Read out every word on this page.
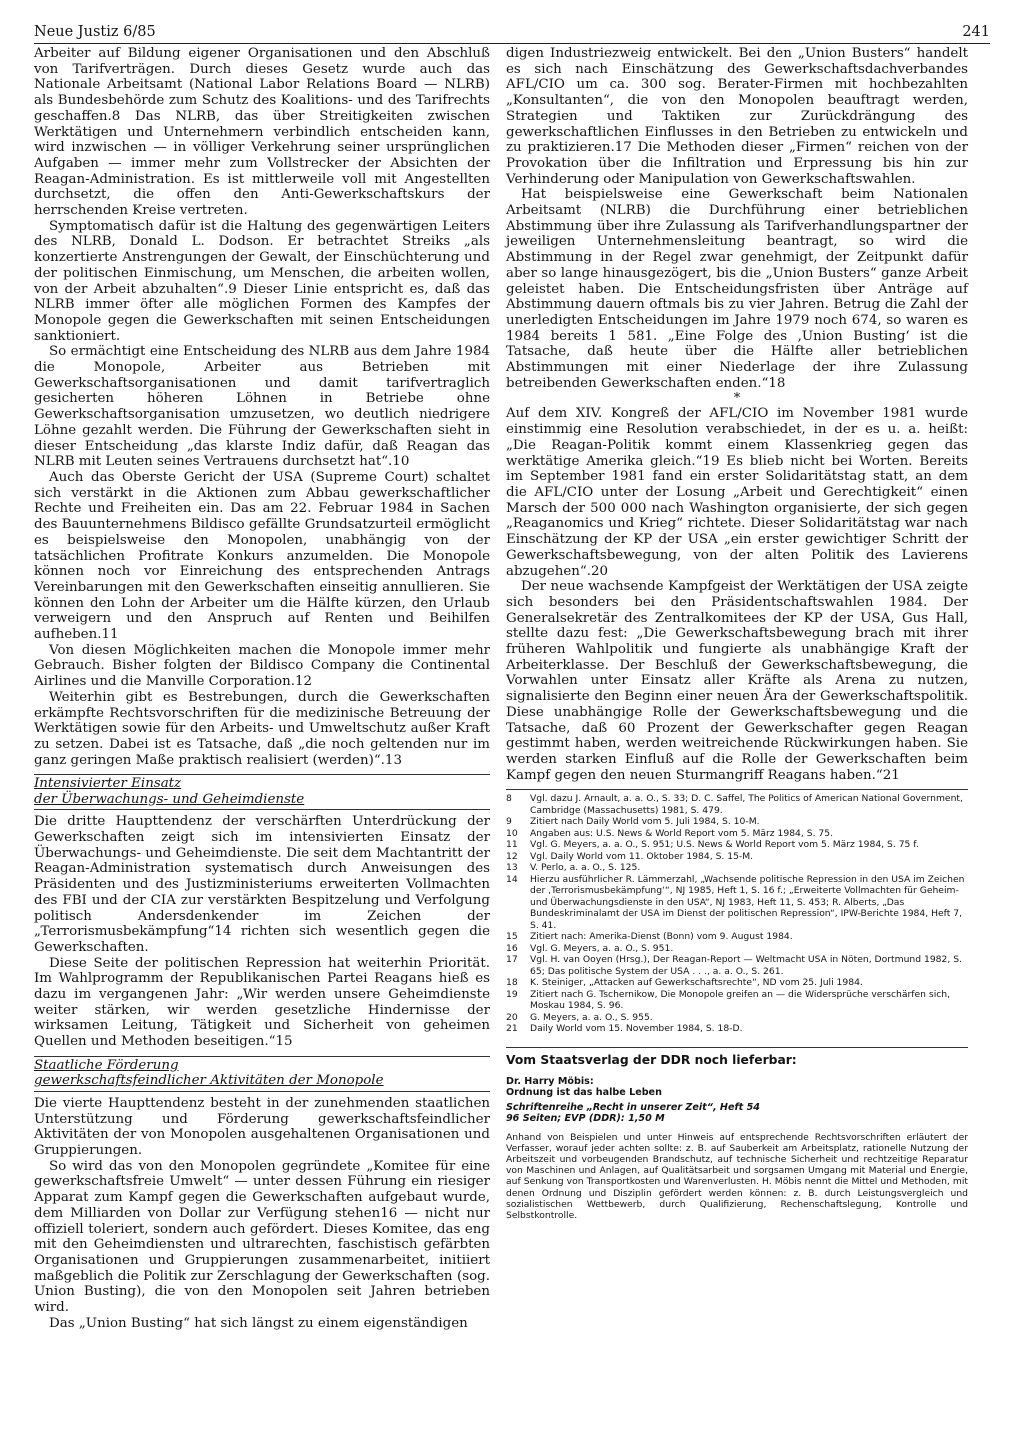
Neue Justiz 6/85	241

Arbeiter auf Bildung eigener Organisationen und den Abschluß von Tarifverträgen. Durch dieses Gesetz wurde auch das Nationale Arbeitsamt (National Labor Relations Board — NLRB) als Bundesbehörde zum Schutz des Koalitions- und des Tarifrechts geschaffen.8 Das NLRB, das über Streitigkeiten zwischen Werktätigen und Unternehmern verbindlich entscheiden kann, wird inzwischen — in völliger Verkehrung seiner ursprünglichen Aufgaben — immer mehr zum Vollstrecker der Absichten der Reagan-Administration. Es ist mittlerweile voll mit Angestellten durchsetzt, die offen den Anti-Gewerkschaftskurs der herrschenden Kreise vertreten.

Symptomatisch dafür ist die Haltung des gegenwärtigen Leiters des NLRB, Donald L. Dodson. Er betrachtet Streiks „als konzertierte Anstrengungen der Gewalt, der Einschüchterung und der politischen Einmischung, um Menschen, die arbeiten wollen, von der Arbeit abzuhalten“.9 Dieser Linie entspricht es, daß das NLRB immer öfter alle möglichen Formen des Kampfes der Monopole gegen die Gewerkschaften mit seinen Entscheidungen sanktioniert.

So ermächtigt eine Entscheidung des NLRB aus dem Jahre 1984 die Monopole, Arbeiter aus Betrieben mit Gewerkschaftsorganisationen und damit tarifvertraglich gesicherten höheren Löhnen in Betriebe ohne Gewerkschaftsorganisation umzusetzen, wo deutlich niedrigere Löhne gezahlt werden. Die Führung der Gewerkschaften sieht in dieser Entscheidung „das klarste Indiz dafür, daß Reagan das NLRB mit Leuten seines Vertrauens durchsetzt hat“.10

Auch das Oberste Gericht der USA (Supreme Court) schaltet sich verstärkt in die Aktionen zum Abbau gewerkschaftlicher Rechte und Freiheiten ein. Das am 22. Februar 1984 in Sachen des Bauunternehmens Bildisco gefällte Grundsatzurteil ermöglicht es beispielsweise den Monopolen, unabhängig von der tatsächlichen Profitrate Konkurs anzumelden. Die Monopole können noch vor Einreichung des entsprechenden Antrags Vereinbarungen mit den Gewerkschaften einseitig annullieren. Sie können den Lohn der Arbeiter um die Hälfte kürzen, den Urlaub verweigern und den Anspruch auf Renten und Beihilfen aufheben.11

Von diesen Möglichkeiten machen die Monopole immer mehr Gebrauch. Bisher folgten der Bildisco Company die Continental Airlines und die Manville Corporation.12

Weiterhin gibt es Bestrebungen, durch die Gewerkschaften erkämpfte Rechtsvorschriften für die medizinische Betreuung der Werktätigen sowie für den Arbeits- und Umweltschutz außer Kraft zu setzen. Dabei ist es Tatsache, daß „die noch geltenden nur im ganz geringen Maße praktisch realisiert (werden)“.13

Intensivierter Einsatz
der Überwachungs- und Geheimdienste

Die dritte Haupttendenz der verschärften Unterdrückung der Gewerkschaften zeigt sich im intensivierten Einsatz der Überwachungs- und Geheimdienste. Die seit dem Machtantritt der Reagan-Administration systematisch durch Anweisungen des Präsidenten und des Justizministeriums erweiterten Vollmachten des FBI und der CIA zur verstärkten Bespitzelung und Verfolgung politisch Andersdenkender im Zeichen der „Terrorismusbekämpfung“14 richten sich wesentlich gegen die Gewerkschaften.

Diese Seite der politischen Repression hat weiterhin Priorität. Im Wahlprogramm der Republikanischen Partei Reagans hieß es dazu im vergangenen Jahr: „Wir werden unsere Geheimdienste weiter stärken, wir werden gesetzliche Hindernisse der wirksamen Leitung, Tätigkeit und Sicherheit von geheimen Quellen und Methoden beseitigen.“15

Staatliche Förderung
gewerkschaftsfeindlicher Aktivitäten der Monopole

Die vierte Haupttendenz besteht in der zunehmenden staatlichen Unterstützung und Förderung gewerkschaftsfeindlicher Aktivitäten der von Monopolen ausgehaltenen Organisationen und Gruppierungen.

So wird das von den Monopolen gegründete „Komitee für eine gewerkschaftsfreie Umwelt“ — unter dessen Führung ein riesiger Apparat zum Kampf gegen die Gewerkschaften aufgebaut wurde, dem Milliarden von Dollar zur Verfügung stehen16 — nicht nur offiziell toleriert, sondern auch gefördert. Dieses Komitee, das eng mit den Geheimdiensten und ultrarechten, faschistisch gefärbten Organisationen und Gruppierungen zusammenarbeitet, initiiert maßgeblich die Politik zur Zerschlagung der Gewerkschaften (sog. Union Busting), die von den Monopolen seit Jahren betrieben wird.

Das „Union Busting“ hat sich längst zu einem eigenständigen

digen Industriezweig entwickelt. Bei den „Union Busters“ handelt es sich nach Einschätzung des Gewerkschaftsdachverbandes AFL/CIO um ca. 300 sog. Berater-Firmen mit hochbezahlten „Konsultanten“, die von den Monopolen beauftragt werden, Strategien und Taktiken zur Zurückdrängung des gewerkschaftlichen Einflusses in den Betrieben zu entwickeln und zu praktizieren.17 Die Methoden dieser „Firmen“ reichen von der Provokation über die Infiltration und Erpressung bis hin zur Verhinderung oder Manipulation von Gewerkschaftswahlen.

Hat beispielsweise eine Gewerkschaft beim Nationalen Arbeitsamt (NLRB) die Durchführung einer betrieblichen Abstimmung über ihre Zulassung als Tarifverhandlungspartner der jeweiligen Unternehmensleitung beantragt, so wird die Abstimmung in der Regel zwar genehmigt, der Zeitpunkt dafür aber so lange hinausgezögert, bis die „Union Busters“ ganze Arbeit geleistet haben. Die Entscheidungsfristen über Anträge auf Abstimmung dauern oftmals bis zu vier Jahren. Betrug die Zahl der unerledigten Entscheidungen im Jahre 1979 noch 674, so waren es 1984 bereits 1 581. „Eine Folge des ,Union Busting‘ ist die Tatsache, daß heute über die Hälfte aller betrieblichen Abstimmungen mit einer Niederlage der ihre Zulassung betreibenden Gewerkschaften enden.“18

*

Auf dem XIV. Kongreß der AFL/CIO im November 1981 wurde einstimmig eine Resolution verabschiedet, in der es u. a. heißt: „Die Reagan-Politik kommt einem Klassenkrieg gegen das werktätige Amerika gleich.“19 Es blieb nicht bei Worten. Bereits im September 1981 fand ein erster Solidaritätstag statt, an dem die AFL/CIO unter der Losung „Arbeit und Gerechtigkeit“ einen Marsch der 500 000 nach Washington organisierte, der sich gegen „Reaganomics und Krieg“ richtete. Dieser Solidaritätstag war nach Einschätzung der KP der USA „ein erster gewichtiger Schritt der Gewerkschaftsbewegung, von der alten Politik des Lavierens abzugehen“.20

Der neue wachsende Kampfgeist der Werktätigen der USA zeigte sich besonders bei den Präsidentschaftswahlen 1984. Der Generalsekretär des Zentralkomitees der KP der USA, Gus Hall, stellte dazu fest: „Die Gewerkschaftsbewegung brach mit ihrer früheren Wahlpolitik und fungierte als unabhängige Kraft der Arbeiterklasse. Der Beschluß der Gewerkschaftsbewegung, die Vorwahlen unter Einsatz aller Kräfte als Arena zu nutzen, signalisierte den Beginn einer neuen Ära der Gewerkschaftspolitik. Diese unabhängige Rolle der Gewerkschaftsbewegung und die Tatsache, daß 60 Prozent der Gewerkschafter gegen Reagan gestimmt haben, werden weitreichende Rückwirkungen haben. Sie werden starken Einfluß auf die Rolle der Gewerkschaften beim Kampf gegen den neuen Sturmangriff Reagans haben.“21

8	Vgl. dazu J. Arnault, a. a. O., S. 33; D. C. Saffel, The Politics of American National Government, Cambridge (Massachusetts) 1981, S. 479.
9	Zitiert nach Daily World vom 5. Juli 1984, S. 10-M.
10	Angaben aus: U.S. News & World Report vom 5. März 1984, S. 75.
11	Vgl. G. Meyers, a. a. O., S. 951; U.S. News & World Report vom 5. März 1984, S. 75 f.
12	Vgl. Daily World vom 11. Oktober 1984, S. 15-M.
13	V. Perlo, a. a. O., S. 125.
14	Hierzu ausführlicher R. Lämmerzahl, „Wachsende politische Repression in den USA im Zeichen der ,Terrorismusbekämpfung‘“, NJ 1985, Heft 1, S. 16 f.; „Erweiterte Vollmachten für Geheim- und Überwachungsdienste in den USA“, NJ 1983, Heft 11, S. 453; R. Alberts, „Das Bundeskriminalamt der USA im Dienst der politischen Repression“, IPW-Berichte 1984, Heft 7, S. 41.
15	Zitiert nach: Amerika-Dienst (Bonn) vom 9. August 1984.
16	Vgl. G. Meyers, a. a. O., S. 951.
17	Vgl. H. van Ooyen (Hrsg.), Der Reagan-Report — Weltmacht USA in Nöten, Dortmund 1982, S. 65; Das politische System der USA . . ., a. a. O., S. 261.
18	K. Steiniger, „Attacken auf Gewerkschaftsrechte“, ND vom 25. Juli 1984.
19	Zitiert nach G. Tschernikow, Die Monopole greifen an — die Widersprüche verschärfen sich, Moskau 1984, S. 96.
20	G. Meyers, a. a. O., S. 955.
21	Daily World vom 15. November 1984, S. 18-D.
Vom Staatsverlag der DDR noch lieferbar:
Dr. Harry Möbis:
Ordnung ist das halbe Leben
Schriftenreihe „Recht in unserer Zeit“, Heft 54
96 Seiten; EVP (DDR): 1,50 M
Anhand von Beispielen und unter Hinweis auf entsprechende Rechtsvorschriften erläutert der Verfasser, worauf jeder achten sollte: z. B. auf Sauberkeit am Arbeitsplatz, rationelle Nutzung der Arbeitszeit und vorbeugenden Brandschutz, auf technische Sicherheit und rechtzeitige Reparatur von Maschinen und Anlagen, auf Qualitätsarbeit und sorgsamen Umgang mit Material und Energie, auf Senkung von Transportkosten und Warenverlusten. H. Möbis nennt die Mittel und Methoden, mit denen Ordnung und Disziplin gefördert werden können: z. B. durch Leistungsvergleich und sozialistischen Wettbewerb, durch Qualifizierung, Rechenschaftslegung, Kontrolle und Selbstkontrolle.
